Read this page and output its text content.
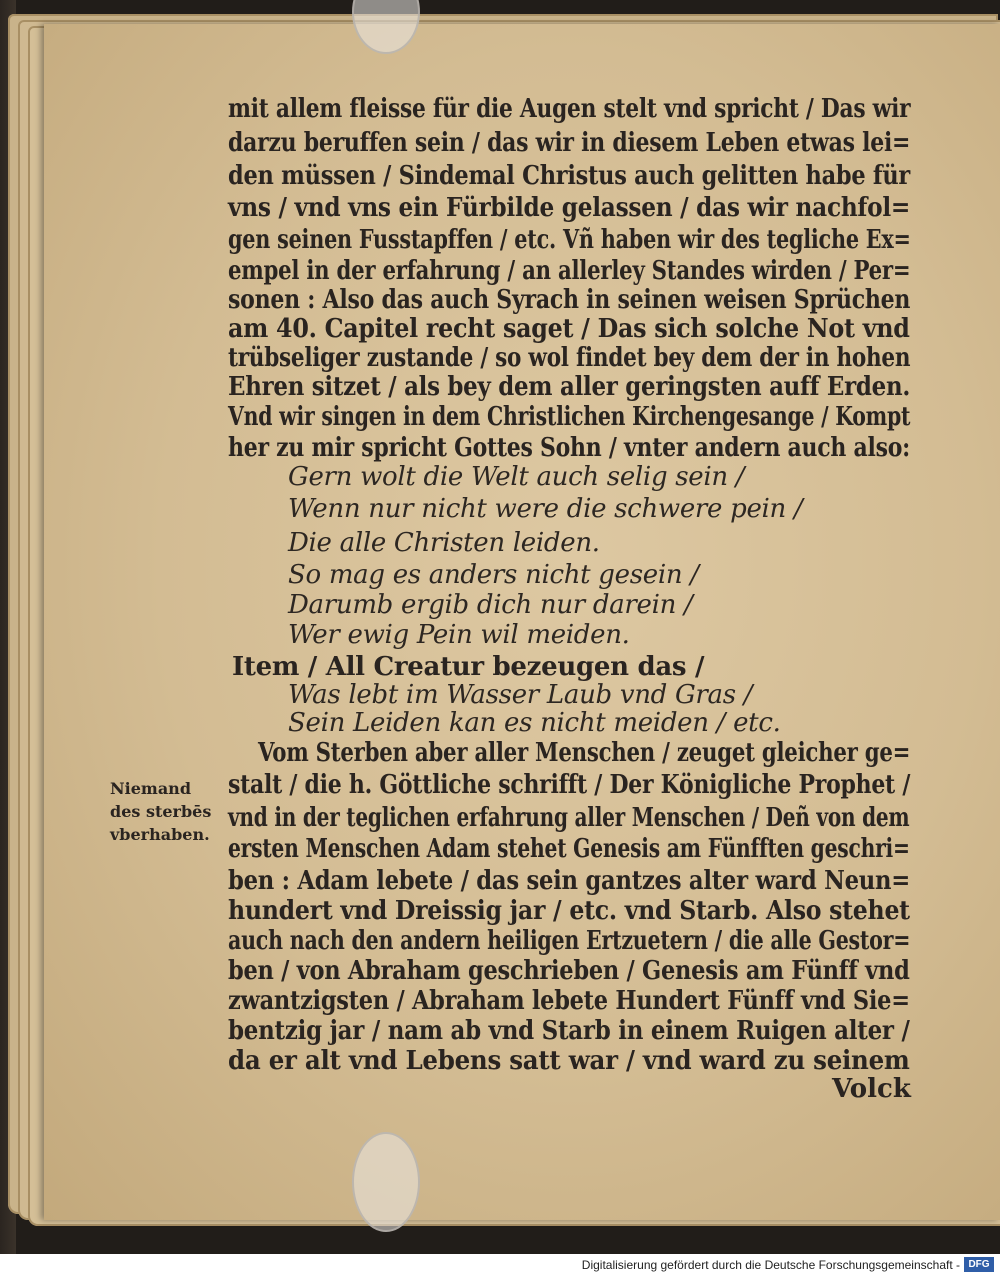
mit allem fleisse für die Augen stelt vnd spricht / Das wir
darzu beruffen sein / das wir in diesem Leben etwas lei=
den müssen / Sindemal Christus auch gelitten habe für
vns / vnd vns ein Fürbilde gelassen / das wir nachfol=
gen seinen Fusstapffen / etc. Vñ haben wir des tegliche Ex=
empel in der erfahrung / an allerley Standes wirden / Per=
sonen : Also das auch Syrach in seinen weisen Sprüchen
am 40. Capitel recht saget / Das sich solche Not vnd
trübseliger zustande / so wol findet bey dem der in hohen
Ehren sitzet / als bey dem aller geringsten auff Erden.
Vnd wir singen in dem Christlichen Kirchengesange / Kompt
her zu mir spricht Gottes Sohn / vnter andern auch also:
Gern wolt die Welt auch selig sein /
Wenn nur nicht were die schwere pein /
Die alle Christen leiden.
So mag es anders nicht gesein /
Darumb ergib dich nur darein /
Wer ewig Pein wil meiden.
Item / All Creatur bezeugen das /
Was lebt im Wasser Laub vnd Gras /
Sein Leiden kan es nicht meiden / etc.
Vom Sterben aber aller Menschen / zeuget gleicher ge=
stalt / die h. Göttliche schrifft / Der Königliche Prophet /
vnd in der teglichen erfahrung aller Menschen / Deñ von dem
ersten Menschen Adam stehet Genesis am Fünfften geschri=
ben : Adam lebete / das sein gantzes alter ward Neun=
hundert vnd Dreissig jar / etc. vnd Starb. Also stehet
auch nach den andern heiligen Ertzuetern / die alle Gestor=
ben / von Abraham geschrieben / Genesis am Fünff vnd
zwantzigsten / Abraham lebete Hundert Fünff vnd Sie=
bentzig jar / nam ab vnd Starb in einem Ruigen alter /
da er alt vnd Lebens satt war / vnd ward zu seinem
Niemand
des sterbēs
vberhaben.
Volck
Digitalisierung gefördert durch die Deutsche Forschungsgemeinschaft - DFG
